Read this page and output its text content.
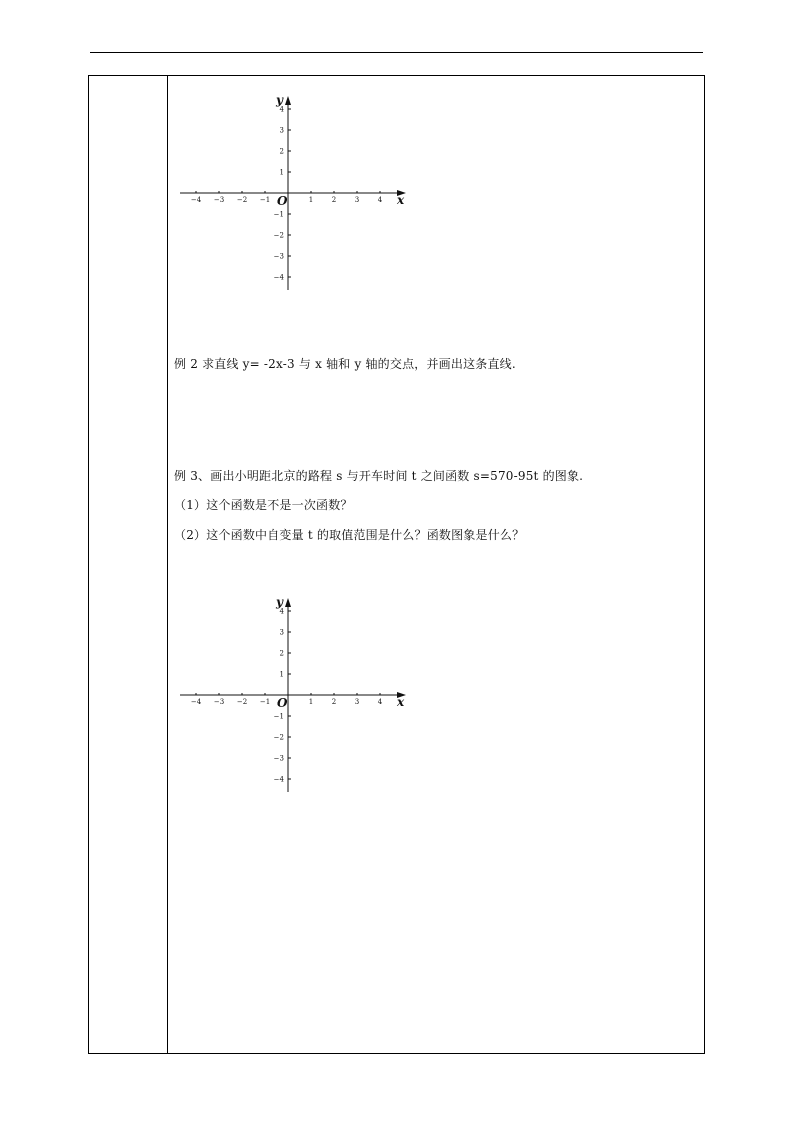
−4 −3 −2 −1	1	2	3	4
4
3
2
1
−1
−2
−3
−4
x
y
O
例 2 求直线 y= -2x-3 与 x 轴和 y 轴的交点，并画出这条直线.
例 3、画出小明距北京的路程 s 与开车时间 t 之间函数 s=570-95t 的图象.
（1）这个函数是不是一次函数？
（2）这个函数中自变量 t 的取值范围是什么？函数图象是什么？
−4 −3 −2 −1	1	2	3	4
4
3
2
1
−1
−2
−3
−4
x
y
O
